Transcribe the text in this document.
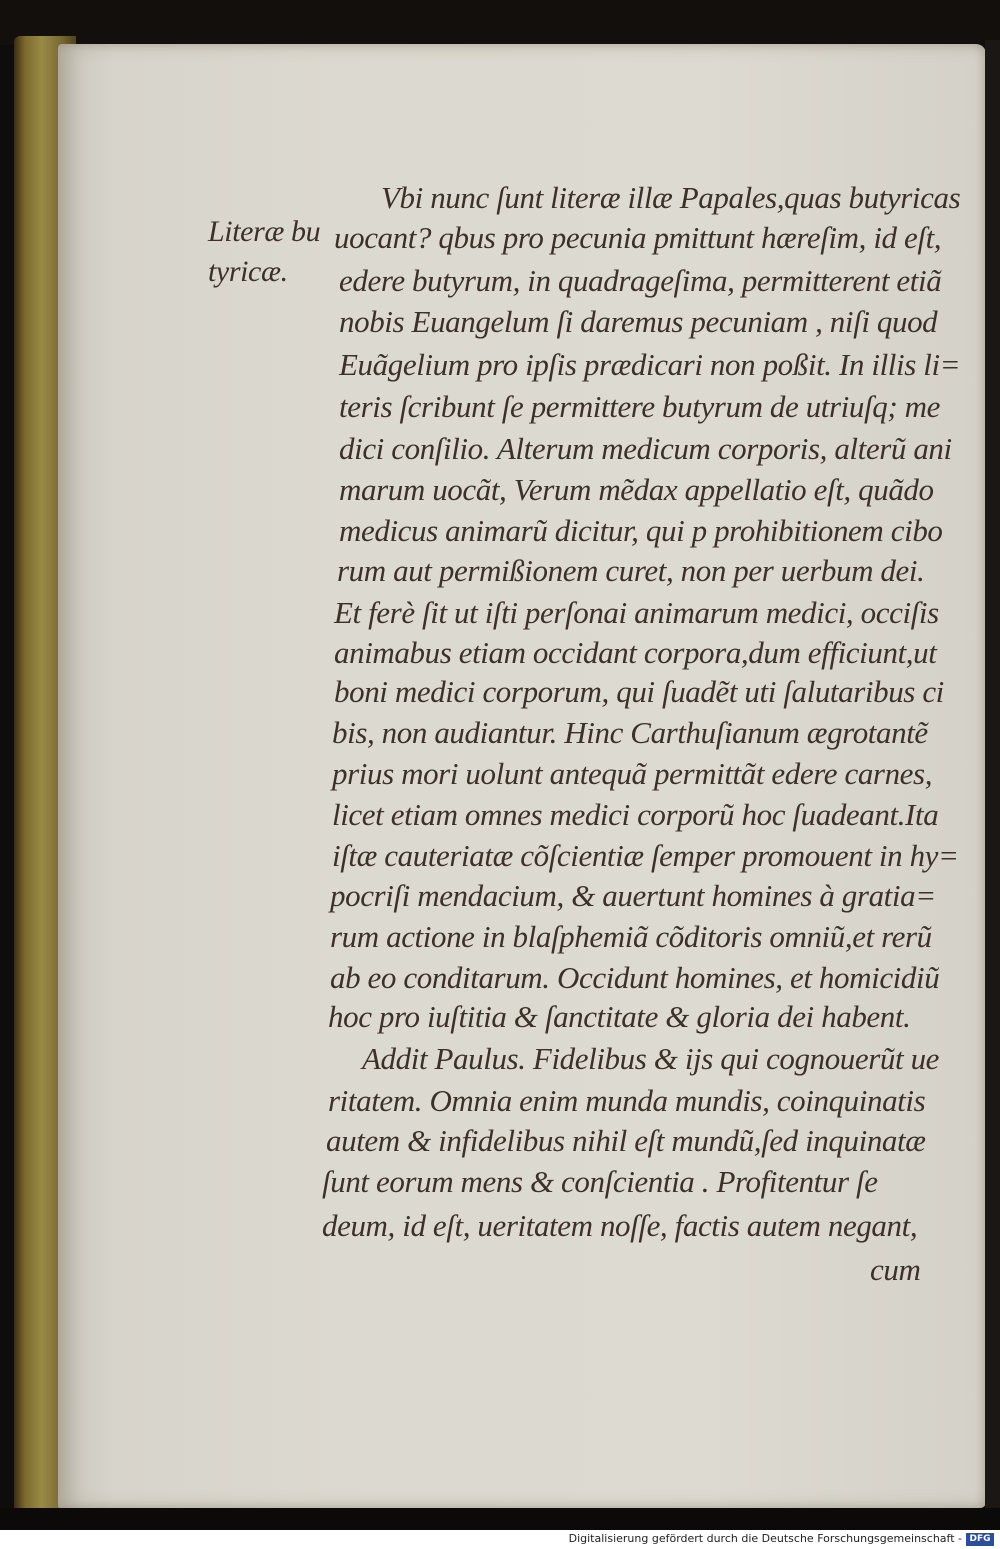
Literæ bu
tyricæ.
Vbi nunc ſunt literæ illæ Papales,quas butyricas
uocant? qbus pro pecunia pmittunt hæreſim, id eſt,
edere butyrum, in quadrageſima, permitterent etiã
nobis Euangelum ſi daremus pecuniam , niſi quod
Euãgelium pro ipſis prædicari non poßit. In illis li=
teris ſcribunt ſe permittere butyrum de utriuſq; me
dici conſilio. Alterum medicum corporis, alterũ ani
marum uocãt, Verum mẽdax appellatio eſt, quãdo
medicus animarũ dicitur, qui p prohibitionem cibo
rum aut permißionem curet, non per uerbum dei.
Et ferè ſit ut iſti perſonai animarum medici, occiſis
animabus etiam occidant corpora,dum efficiunt,ut
boni medici corporum, qui ſuadẽt uti ſalutaribus ci
bis, non audiantur. Hinc Carthuſianum ægrotantẽ
prius mori uolunt antequã permittãt edere carnes,
licet etiam omnes medici corporũ hoc ſuadeant.Ita
iſtæ cauteriatæ cõſcientiæ ſemper promouent in hy=
pocriſi mendacium, & auertunt homines à gratia=
rum actione in blaſphemiã cõditoris omniũ,et rerũ
ab eo conditarum. Occidunt homines, et homicidiũ
hoc pro iuſtitia & ſanctitate & gloria dei habent.
Addit Paulus. Fidelibus & ijs qui cognouerũt ue
ritatem. Omnia enim munda mundis, coinquinatis
autem & infidelibus nihil eſt mundũ,ſed inquinatæ
ſunt eorum mens & conſcientia . Profitentur ſe
deum, id eſt, ueritatem noſſe, factis autem negant,
cum
Digitalisierung gefördert durch die Deutsche Forschungsgemeinschaft - DFG
